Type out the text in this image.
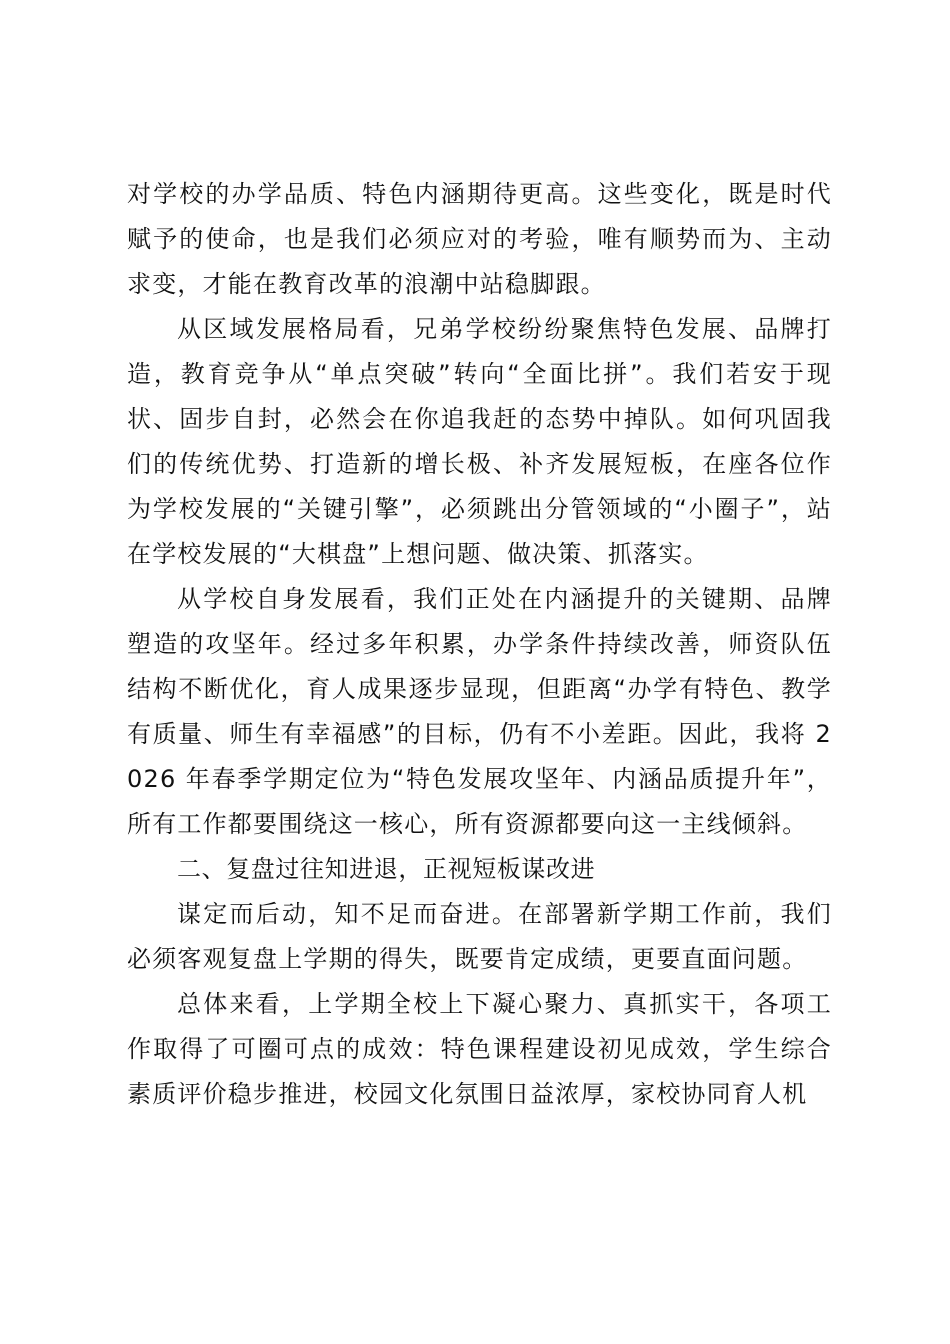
对学校的办学品质、特色内涵期待更高。这些变化，既是时代赋予的使命，也是我们必须应对的考验，唯有顺势而为、主动求变，才能在教育改革的浪潮中站稳脚跟。

从区域发展格局看，兄弟学校纷纷聚焦特色发展、品牌打造，教育竞争从“单点突破”转向“全面比拼”。我们若安于现状、固步自封，必然会在你追我赶的态势中掉队。如何巩固我们的传统优势、打造新的增长极、补齐发展短板，在座各位作为学校发展的“关键引擎”，必须跳出分管领域的“小圈子”，站在学校发展的“大棋盘”上想问题、做决策、抓落实。

从学校自身发展看，我们正处在内涵提升的关键期、品牌塑造的攻坚年。经过多年积累，办学条件持续改善，师资队伍结构不断优化，育人成果逐步显现，但距离“办学有特色、教学有质量、师生有幸福感”的目标，仍有不小差距。因此，我将 2026 年春季学期定位为“特色发展攻坚年、内涵品质提升年”，所有工作都要围绕这一核心，所有资源都要向这一主线倾斜。

二、复盘过往知进退，正视短板谋改进

谋定而后动，知不足而奋进。在部署新学期工作前，我们必须客观复盘上学期的得失，既要肯定成绩，更要直面问题。

总体来看，上学期全校上下凝心聚力、真抓实干，各项工作取得了可圈可点的成效：特色课程建设初见成效，学生综合素质评价稳步推进，校园文化氛围日益浓厚，家校协同育人机
